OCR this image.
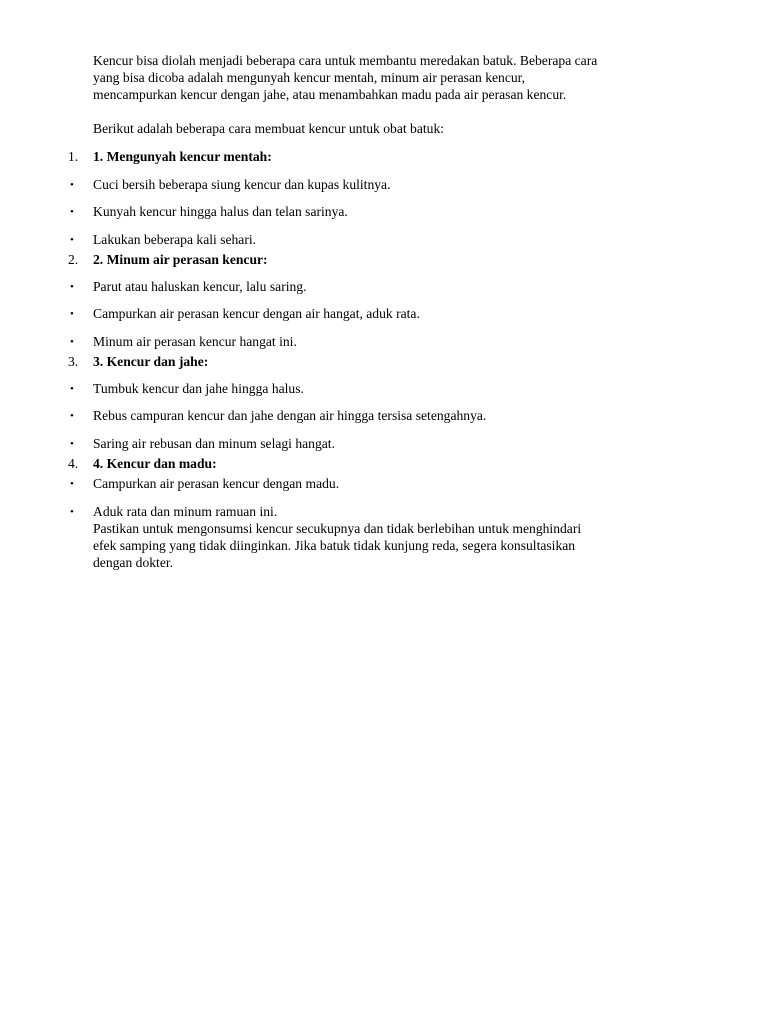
Kencur bisa diolah menjadi beberapa cara untuk membantu meredakan batuk. Beberapa cara
yang bisa dicoba adalah mengunyah kencur mentah, minum air perasan kencur,
mencampurkan kencur dengan jahe, atau menambahkan madu pada air perasan kencur.
Berikut adalah beberapa cara membuat kencur untuk obat batuk:
1.	1. Mengunyah kencur mentah:
•	Cuci bersih beberapa siung kencur dan kupas kulitnya.
•	Kunyah kencur hingga halus dan telan sarinya.
•	Lakukan beberapa kali sehari.
2.	2. Minum air perasan kencur:
•	Parut atau haluskan kencur, lalu saring.
•	Campurkan air perasan kencur dengan air hangat, aduk rata.
•	Minum air perasan kencur hangat ini.
3.	3. Kencur dan jahe:
•	Tumbuk kencur dan jahe hingga halus.
•	Rebus campuran kencur dan jahe dengan air hingga tersisa setengahnya.
•	Saring air rebusan dan minum selagi hangat.
4.	4. Kencur dan madu:
•	Campurkan air perasan kencur dengan madu.
•	Aduk rata dan minum ramuan ini.
Pastikan untuk mengonsumsi kencur secukupnya dan tidak berlebihan untuk menghindari
efek samping yang tidak diinginkan. Jika batuk tidak kunjung reda, segera konsultasikan
dengan dokter.
